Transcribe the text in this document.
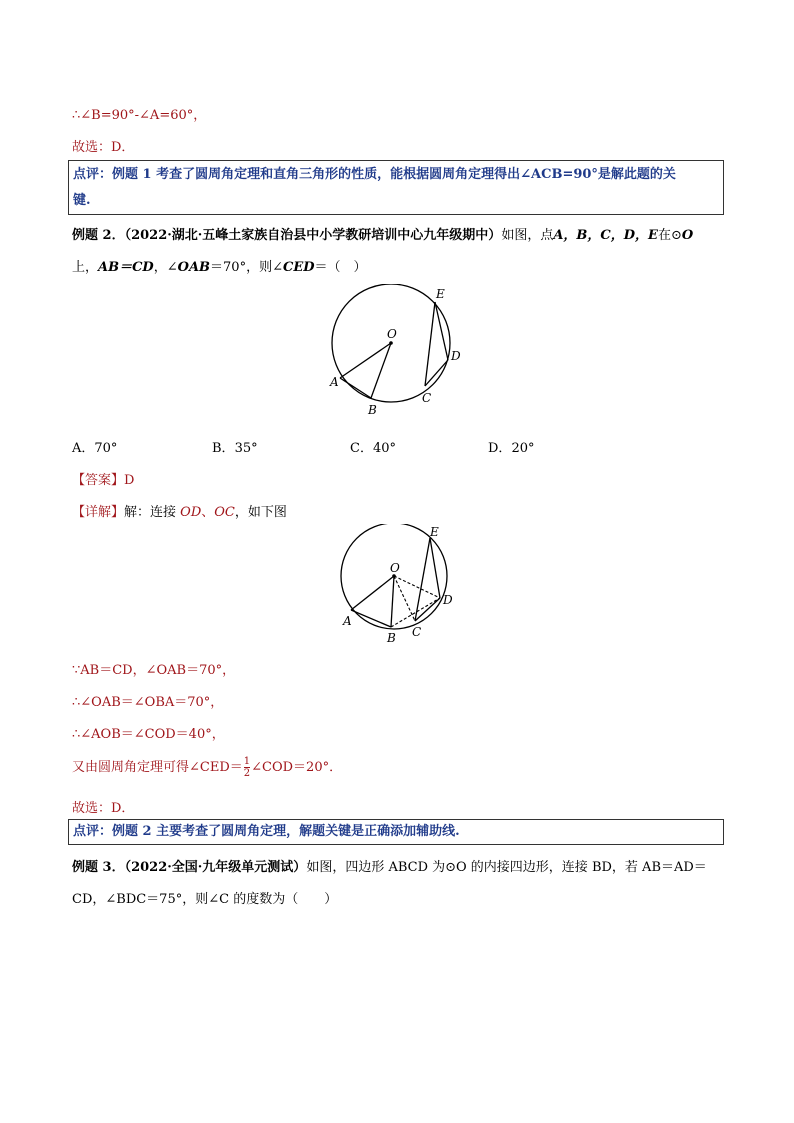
∴∠B=90°-∠A=60°，
故选：D．
点评：例题 1 考查了圆周角定理和直角三角形的性质，能根据圆周角定理得出∠ACB=90°是解此题的关
键.
例题 2．（2022·湖北·五峰土家族自治县中小学教研培训中心九年级期中）如图，点A，B，C，D，E在⊙O
上，AB＝CD，∠OAB＝70°，则∠CED＝（　）
O
A
B
C
D
E
A．70°	B．35°	C．40°	D．20°
【答案】D
【详解】解：连接 OD、OC，如下图
O
A
B C
D
E
∵AB＝CD，∠OAB＝70°，
∴∠OAB＝∠OBA＝70°，
∴∠AOB＝∠COD＝40°，
又由圆周角定理可得∠CED＝ $\frac{1}{2}$ ∠COD＝20°．
故选：D．
点评：例题 2 主要考查了圆周角定理，解题关键是正确添加辅助线.
例题 3．（2022·全国·九年级单元测试）如图，四边形 ABCD 为⊙O 的内接四边形，连接 BD，若 AB＝AD＝
CD，∠BDC＝75°，则∠C 的度数为（　　）
